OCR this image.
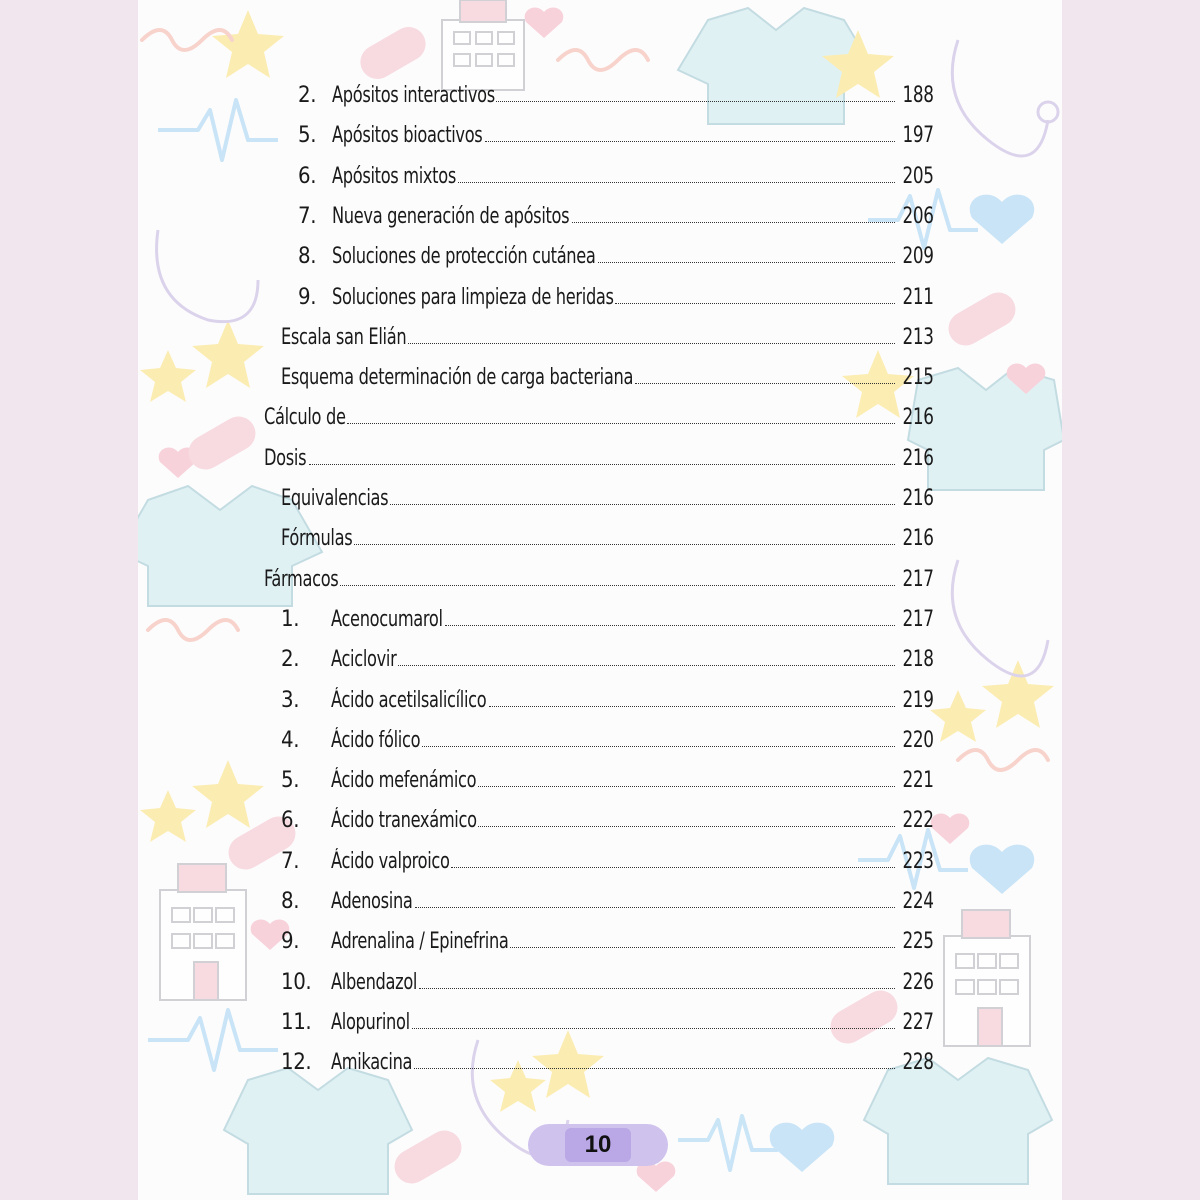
2. Apósitos interactivos	188
5. Apósitos bioactivos	197
6. Apósitos mixtos	205
7. Nueva generación de apósitos	206
8. Soluciones de protección cutánea	209
9. Soluciones para limpieza de heridas	211
Escala san Elián	213
Esquema determinación de carga bacteriana	215
Cálculo de	216
Dosis	216
Equivalencias	216
Fórmulas	216
Fármacos	217
1.	Acenocumarol	217
2.	Aciclovir	218
3.	Ácido acetilsalicílico	219
4.	Ácido fólico	220
5.	Ácido mefenámico	221
6.	Ácido tranexámico	222
7.	Ácido valproico	223
8.	Adenosina	224
9.	Adrenalina / Epinefrina	225
10. Albendazol	226
11. Alopurinol	227
12. Amikacina	228
10
